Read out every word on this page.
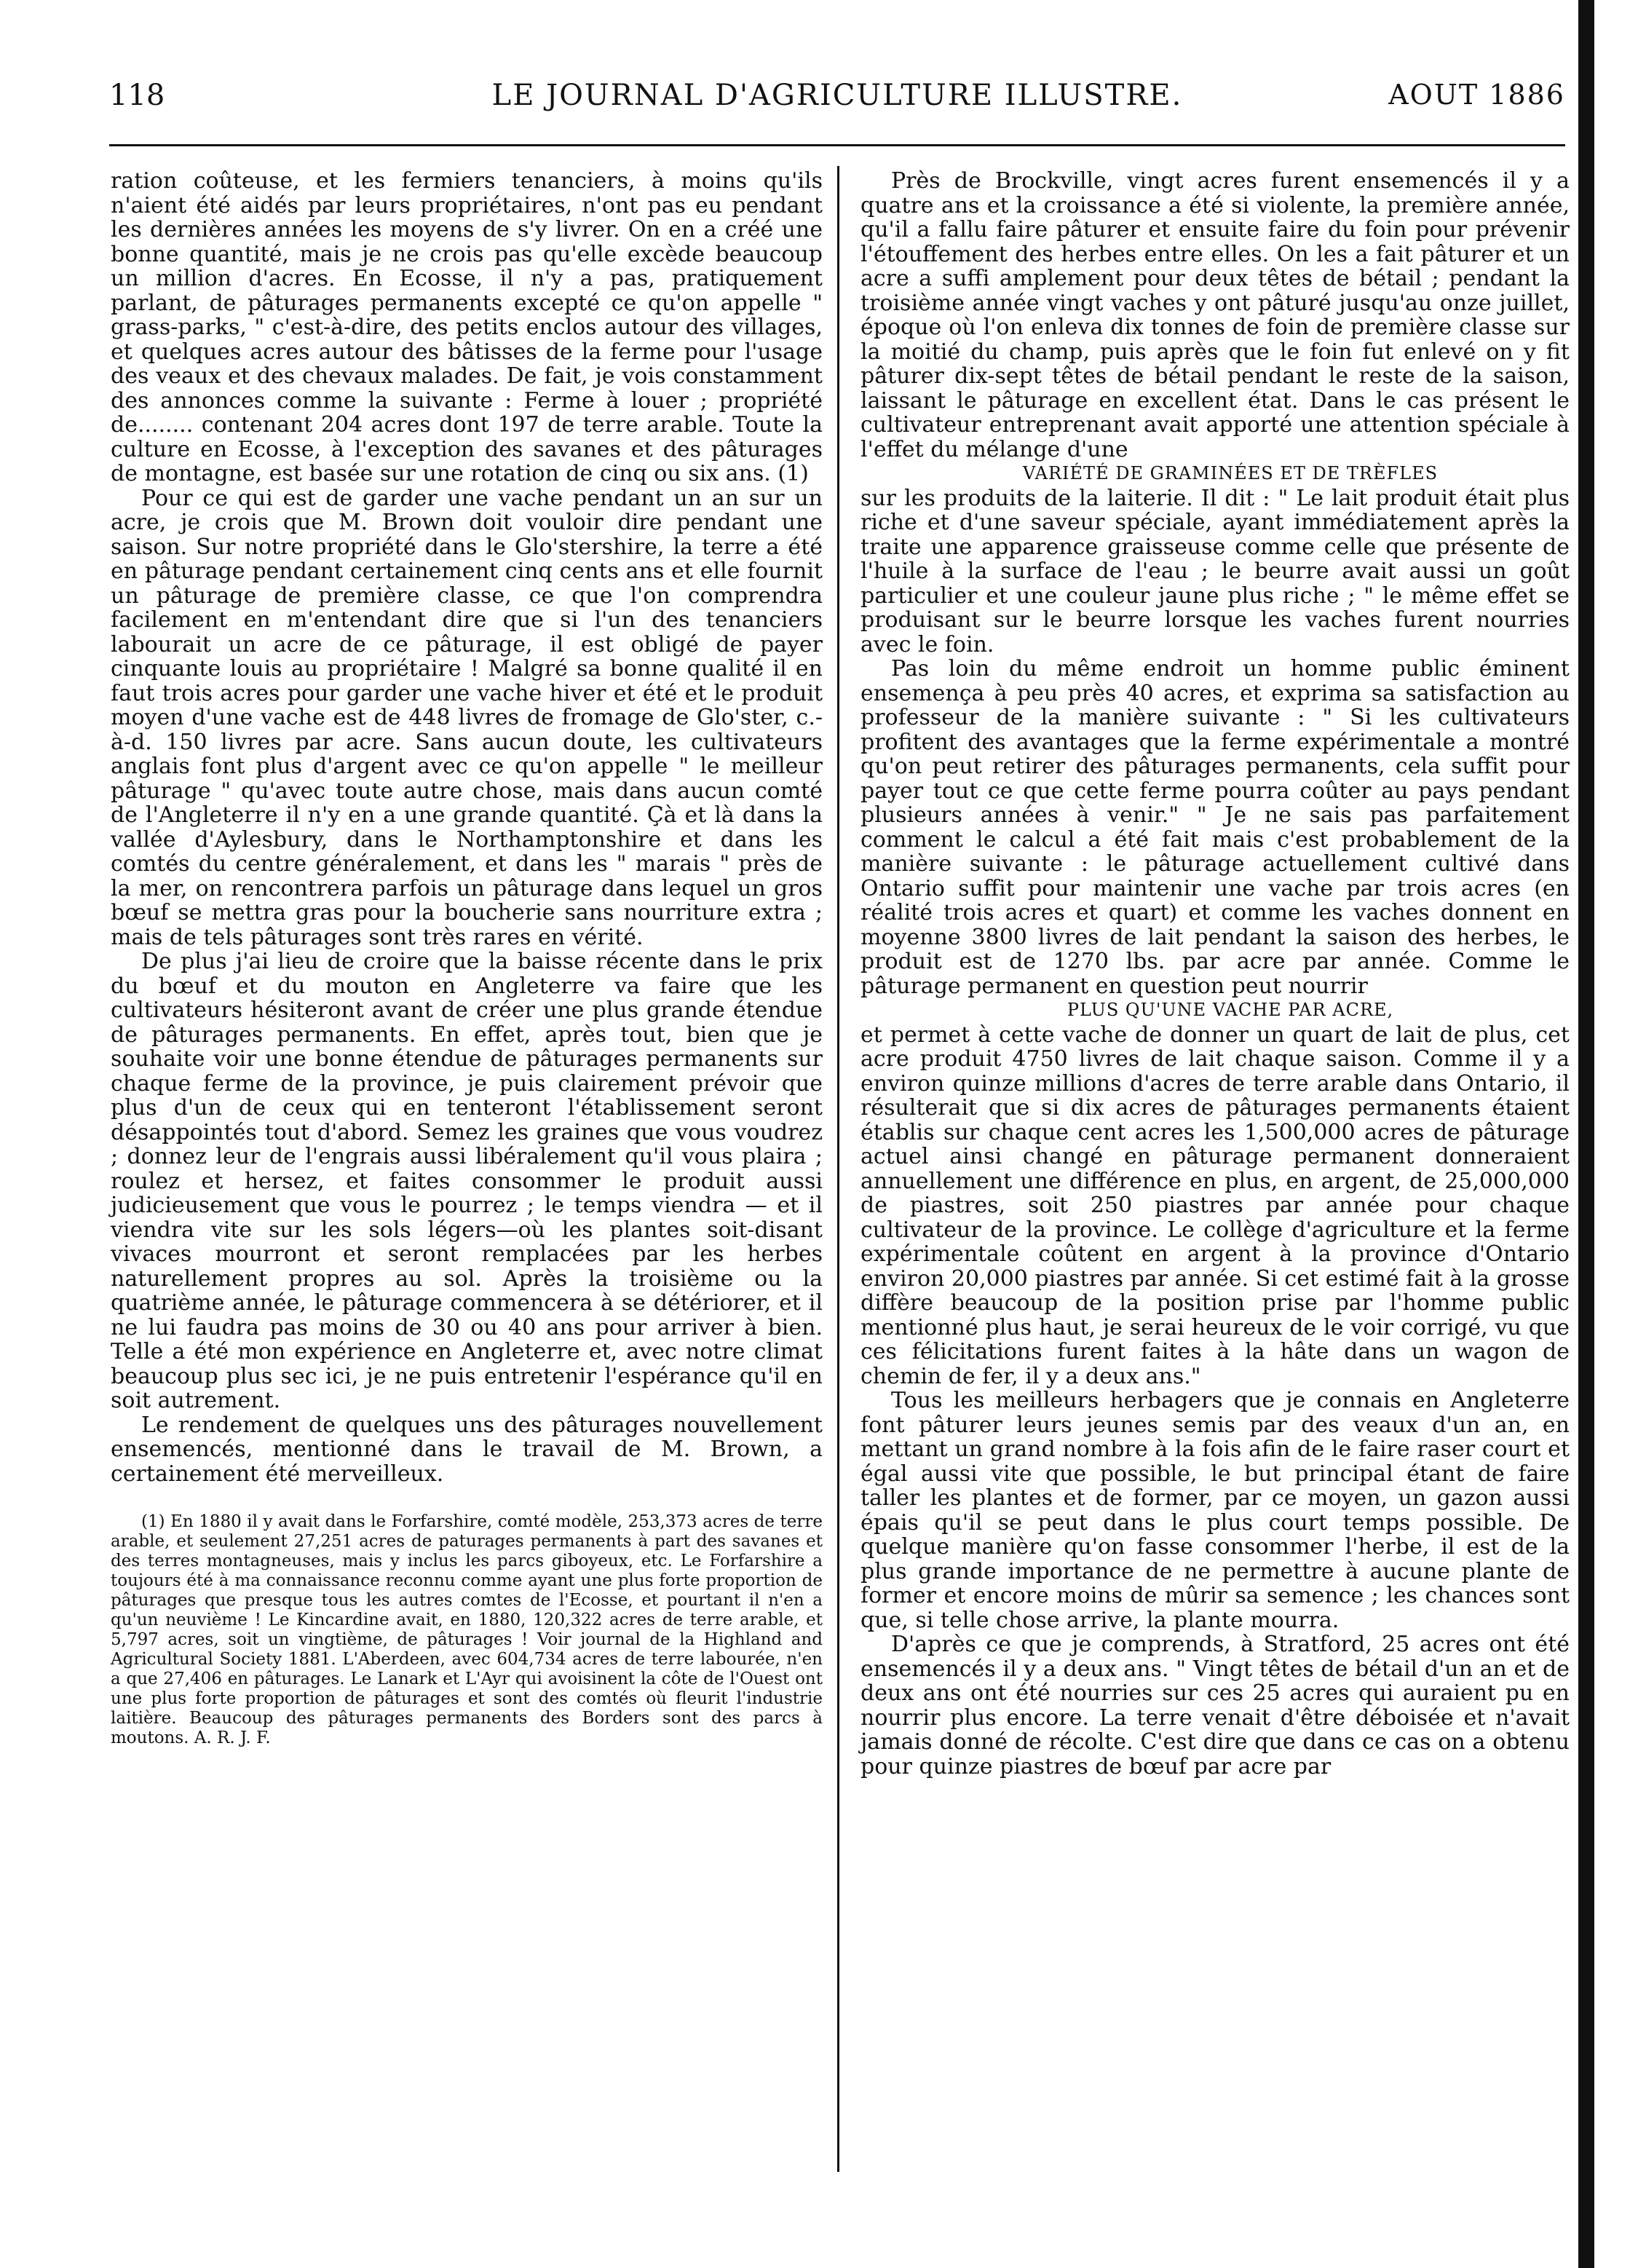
118	LE JOURNAL D'AGRICULTURE ILLUSTRE.	AOUT 1886

ration coûteuse, et les fermiers tenanciers, à moins qu'ils n'aient été aidés par leurs propriétaires, n'ont pas eu pendant les dernières années les moyens de s'y livrer. On en a créé une bonne quantité, mais je ne crois pas qu'elle excède beaucoup un million d'acres. En Ecosse, il n'y a pas, pratiquement parlant, de pâturages permanents excepté ce qu'on appelle " grass-parks, " c'est-à-dire, des petits enclos autour des villages, et quelques acres autour des bâtisses de la ferme pour l'usage des veaux et des chevaux malades. De fait, je vois constamment des annonces comme la suivante : Ferme à louer ; propriété de........ contenant 204 acres dont 197 de terre arable. Toute la culture en Ecosse, à l'exception des savanes et des pâturages de montagne, est basée sur une rotation de cinq ou six ans. (1)

Pour ce qui est de garder une vache pendant un an sur un acre, je crois que M. Brown doit vouloir dire pendant une saison. Sur notre propriété dans le Glo'stershire, la terre a été en pâturage pendant certainement cinq cents ans et elle fournit un pâturage de première classe, ce que l'on comprendra facilement en m'entendant dire que si l'un des tenanciers labourait un acre de ce pâturage, il est obligé de payer cinquante louis au propriétaire ! Malgré sa bonne qualité il en faut trois acres pour garder une vache hiver et été et le produit moyen d'une vache est de 448 livres de fromage de Glo'ster, c.-à-d. 150 livres par acre. Sans aucun doute, les cultivateurs anglais font plus d'argent avec ce qu'on appelle " le meilleur pâturage " qu'avec toute autre chose, mais dans aucun comté de l'Angleterre il n'y en a une grande quantité. Çà et là dans la vallée d'Aylesbury, dans le Northamptonshire et dans les comtés du centre généralement, et dans les " marais " près de la mer, on rencontrera parfois un pâturage dans lequel un gros bœuf se mettra gras pour la boucherie sans nourriture extra ; mais de tels pâturages sont très rares en vérité.

De plus j'ai lieu de croire que la baisse récente dans le prix du bœuf et du mouton en Angleterre va faire que les cultivateurs hésiteront avant de créer une plus grande étendue de pâturages permanents. En effet, après tout, bien que je souhaite voir une bonne étendue de pâturages permanents sur chaque ferme de la province, je puis clairement prévoir que plus d'un de ceux qui en tenteront l'établissement seront désappointés tout d'abord. Semez les graines que vous voudrez ; donnez leur de l'engrais aussi libéralement qu'il vous plaira ; roulez et hersez, et faites consommer le produit aussi judicieusement que vous le pourrez ; le temps viendra — et il viendra vite sur les sols légers—où les plantes soit-disant vivaces mourront et seront remplacées par les herbes naturellement propres au sol. Après la troisième ou la quatrième année, le pâturage commencera à se détériorer, et il ne lui faudra pas moins de 30 ou 40 ans pour arriver à bien. Telle a été mon expérience en Angleterre et, avec notre climat beaucoup plus sec ici, je ne puis entretenir l'espérance qu'il en soit autrement.

Le rendement de quelques uns des pâturages nouvellement ensemencés, mentionné dans le travail de M. Brown, a certainement été merveilleux.

(1) En 1880 il y avait dans le Forfarshire, comté modèle, 253,373 acres de terre arable, et seulement 27,251 acres de paturages permanents à part des savanes et des terres montagneuses, mais y inclus les parcs giboyeux, etc. Le Forfarshire a toujours été à ma connaissance reconnu comme ayant une plus forte proportion de pâturages que presque tous les autres comtes de l'Ecosse, et pourtant il n'en a qu'un neuvième ! Le Kincardine avait, en 1880, 120,322 acres de terre arable, et 5,797 acres, soit un vingtième, de pâturages ! Voir journal de la Highland and Agricultural Society 1881. L'Aberdeen, avec 604,734 acres de terre labourée, n'en a que 27,406 en pâturages. Le Lanark et L'Ayr qui avoisinent la côte de l'Ouest ont une plus forte proportion de pâturages et sont des comtés où fleurit l'industrie laitière. Beaucoup des pâturages permanents des Borders sont des parcs à moutons. A. R. J. F.

Près de Brockville, vingt acres furent ensemencés il y a quatre ans et la croissance a été si violente, la première année, qu'il a fallu faire pâturer et ensuite faire du foin pour prévenir l'étouffement des herbes entre elles. On les a fait pâturer et un acre a suffi amplement pour deux têtes de bétail ; pendant la troisième année vingt vaches y ont pâturé jusqu'au onze juillet, époque où l'on enleva dix tonnes de foin de première classe sur la moitié du champ, puis après que le foin fut enlevé on y fit pâturer dix-sept têtes de bétail pendant le reste de la saison, laissant le pâturage en excellent état. Dans le cas présent le cultivateur entreprenant avait apporté une attention spéciale à l'effet du mélange d'une

VARIÉTÉ DE GRAMINÉES ET DE TRÈFLES

sur les produits de la laiterie. Il dit : " Le lait produit était plus riche et d'une saveur spéciale, ayant immédiatement après la traite une apparence graisseuse comme celle que présente de l'huile à la surface de l'eau ; le beurre avait aussi un goût particulier et une couleur jaune plus riche ; " le même effet se produisant sur le beurre lorsque les vaches furent nourries avec le foin.

Pas loin du même endroit un homme public éminent ensemença à peu près 40 acres, et exprima sa satisfaction au professeur de la manière suivante : " Si les cultivateurs profitent des avantages que la ferme expérimentale a montré qu'on peut retirer des pâturages permanents, cela suffit pour payer tout ce que cette ferme pourra coûter au pays pendant plusieurs années à venir." " Je ne sais pas parfaitement comment le calcul a été fait mais c'est probablement de la manière suivante : le pâturage actuellement cultivé dans Ontario suffit pour maintenir une vache par trois acres (en réalité trois acres et quart) et comme les vaches donnent en moyenne 3800 livres de lait pendant la saison des herbes, le produit est de 1270 lbs. par acre par année. Comme le pâturage permanent en question peut nourrir

PLUS QU'UNE VACHE PAR ACRE,

et permet à cette vache de donner un quart de lait de plus, cet acre produit 4750 livres de lait chaque saison. Comme il y a environ quinze millions d'acres de terre arable dans Ontario, il résulterait que si dix acres de pâturages permanents étaient établis sur chaque cent acres les 1,500,000 acres de pâturage actuel ainsi changé en pâturage permanent donneraient annuellement une différence en plus, en argent, de 25,000,000 de piastres, soit 250 piastres par année pour chaque cultivateur de la province. Le collège d'agriculture et la ferme expérimentale coûtent en argent à la province d'Ontario environ 20,000 piastres par année. Si cet estimé fait à la grosse diffère beaucoup de la position prise par l'homme public mentionné plus haut, je serai heureux de le voir corrigé, vu que ces félicitations furent faites à la hâte dans un wagon de chemin de fer, il y a deux ans."

Tous les meilleurs herbagers que je connais en Angleterre font pâturer leurs jeunes semis par des veaux d'un an, en mettant un grand nombre à la fois afin de le faire raser court et égal aussi vite que possible, le but principal étant de faire taller les plantes et de former, par ce moyen, un gazon aussi épais qu'il se peut dans le plus court temps possible. De quelque manière qu'on fasse consommer l'herbe, il est de la plus grande importance de ne permettre à aucune plante de former et encore moins de mûrir sa semence ; les chances sont que, si telle chose arrive, la plante mourra.

D'après ce que je comprends, à Stratford, 25 acres ont été ensemencés il y a deux ans. " Vingt têtes de bétail d'un an et de deux ans ont été nourries sur ces 25 acres qui auraient pu en nourrir plus encore. La terre venait d'être déboisée et n'avait jamais donné de récolte. C'est dire que dans ce cas on a obtenu pour quinze piastres de bœuf par acre par
